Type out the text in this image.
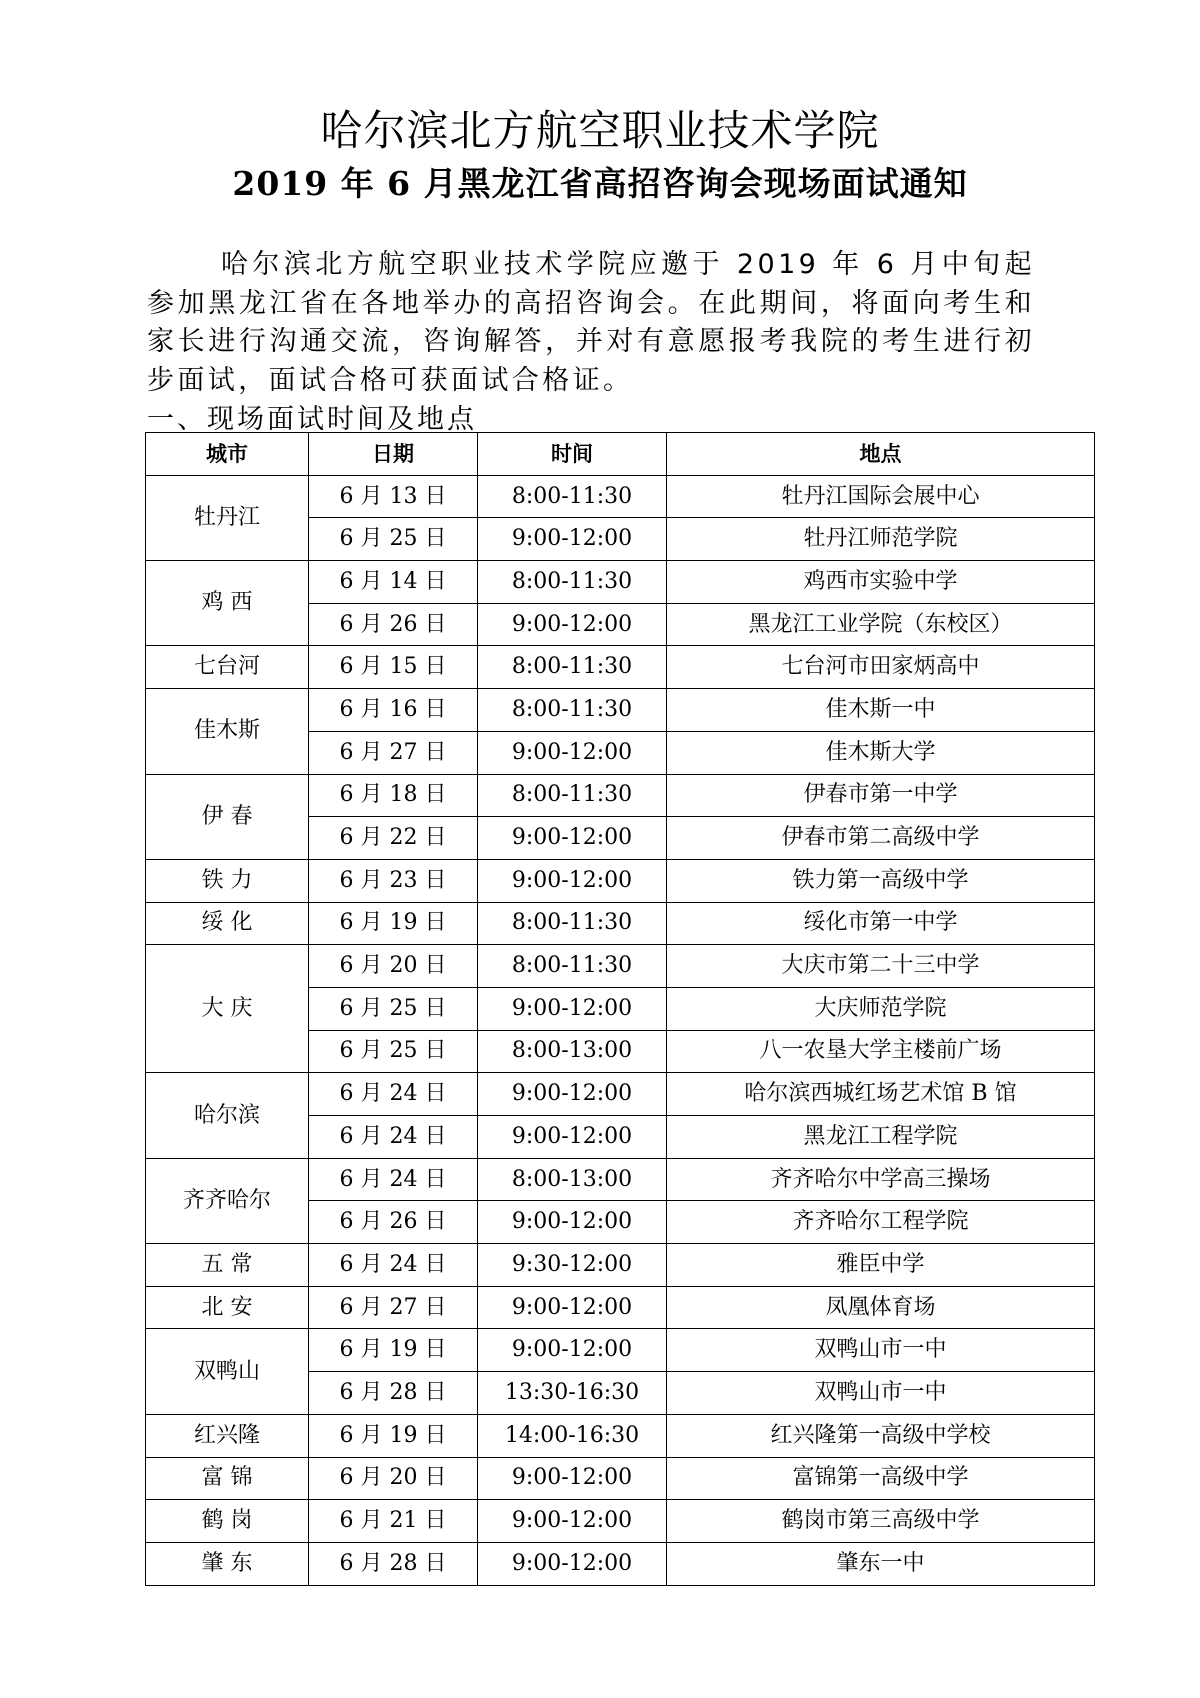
哈尔滨北方航空职业技术学院
2019 年 6 月黑龙江省高招咨询会现场面试通知

哈尔滨北方航空职业技术学院应邀于 2019 年 6 月中旬起参加黑龙江省在各地举办的高招咨询会。在此期间，将面向考生和家长进行沟通交流，咨询解答，并对有意愿报考我院的考生进行初步面试，面试合格可获面试合格证。

一、现场面试时间及地点
城市	日期	时间	地点
牡丹江	6 月 13 日	8:00-11:30	牡丹江国际会展中心
	6 月 25 日	9:00-12:00	牡丹江师范学院
鸡 西	6 月 14 日	8:00-11:30	鸡西市实验中学
	6 月 26 日	9:00-12:00	黑龙江工业学院（东校区）
七台河	6 月 15 日	8:00-11:30	七台河市田家炳高中
佳木斯	6 月 16 日	8:00-11:30	佳木斯一中
	6 月 27 日	9:00-12:00	佳木斯大学
伊 春	6 月 18 日	8:00-11:30	伊春市第一中学
	6 月 22 日	9:00-12:00	伊春市第二高级中学
铁 力	6 月 23 日	9:00-12:00	铁力第一高级中学
绥 化	6 月 19 日	8:00-11:30	绥化市第一中学
大 庆	6 月 20 日	8:00-11:30	大庆市第二十三中学
	6 月 25 日	9:00-12:00	大庆师范学院
	6 月 25 日	8:00-13:00	八一农垦大学主楼前广场
哈尔滨	6 月 24 日	9:00-12:00	哈尔滨西城红场艺术馆 B 馆
	6 月 24 日	9:00-12:00	黑龙江工程学院
齐齐哈尔	6 月 24 日	8:00-13:00	齐齐哈尔中学高三操场
	6 月 26 日	9:00-12:00	齐齐哈尔工程学院
五 常	6 月 24 日	9:30-12:00	雅臣中学
北 安	6 月 27 日	9:00-12:00	凤凰体育场
双鸭山	6 月 19 日	9:00-12:00	双鸭山市一中
	6 月 28 日	13:30-16:30	双鸭山市一中
红兴隆	6 月 19 日	14:00-16:30	红兴隆第一高级中学校
富 锦	6 月 20 日	9:00-12:00	富锦第一高级中学
鹤 岗	6 月 21 日	9:00-12:00	鹤岗市第三高级中学
肇 东	6 月 28 日	9:00-12:00	肇东一中
